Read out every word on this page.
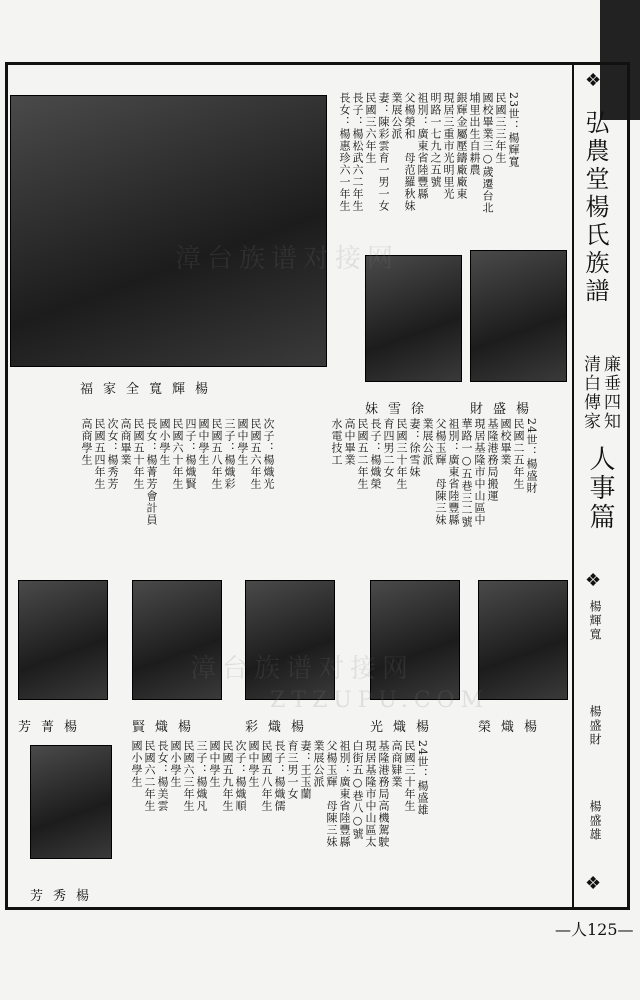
❖
弘農堂楊氏族譜
廉垂四知
清白傳家
人事篇
❖
楊輝寬
楊盛財
楊盛雄
❖
楊輝寬全家福
23世：楊輝寬
民國三三年生
國校畢業三○歲遷台北
埔里出生自耕農
銀輝金屬壓鑄廠廠東
現居三重市光明里光
明路一七九之五號
祖別：廣東省陸豐縣
父楊榮和　母范羅秋妹
業展公派
妻：陳彩雲育一男一女
民國三六年生
長子：楊松武六二年生
長女：楊惠珍六一年生
徐雪妹	楊盛財
24世：楊盛財
民國二五年生
國校畢業
基隆港務局搬運
現居基隆市中山區中
華路一○五巷三二號
祖別：廣東省陸豐縣
父楊玉輝　母陳三妹
業展公派
妻：徐雪妹
民國三十年生
育四男二女
長子：楊熾榮
民國五二年生
高中畢業
水電技工
次子：楊熾光
民國五六年生
國中學生
三子：楊熾彩
民國五八年生
國中學生
四子：楊熾賢
民國六十年生
國小學生
長女：楊菁芳會計員
民國五十年生
高商畢業
次女：楊秀芳
民國五四年生
高商學生
楊菁芳	楊熾賢	楊熾彩	楊熾光	楊熾榮
楊秀芳
24世：楊盛雄
民國三十年生
高商肄業
基隆港務局高機駕駛
現居基隆市中山區太
白街五○巷八○號
祖別：廣東省陸豐縣
父楊玉輝　母陳三妹
業展公派
妻：王玉蘭
育三男一女
長子：楊熾儒
民國五八年生
國中學生
次子：楊熾順
民國五九年生
國中學生
三子：楊熾凡
民國六三年生
國小學生
長女：楊美雲
民國六二年生
國小學生
漳台族谱对接网
漳台族谱对接网
ZTZUPU.COM
—人125—
